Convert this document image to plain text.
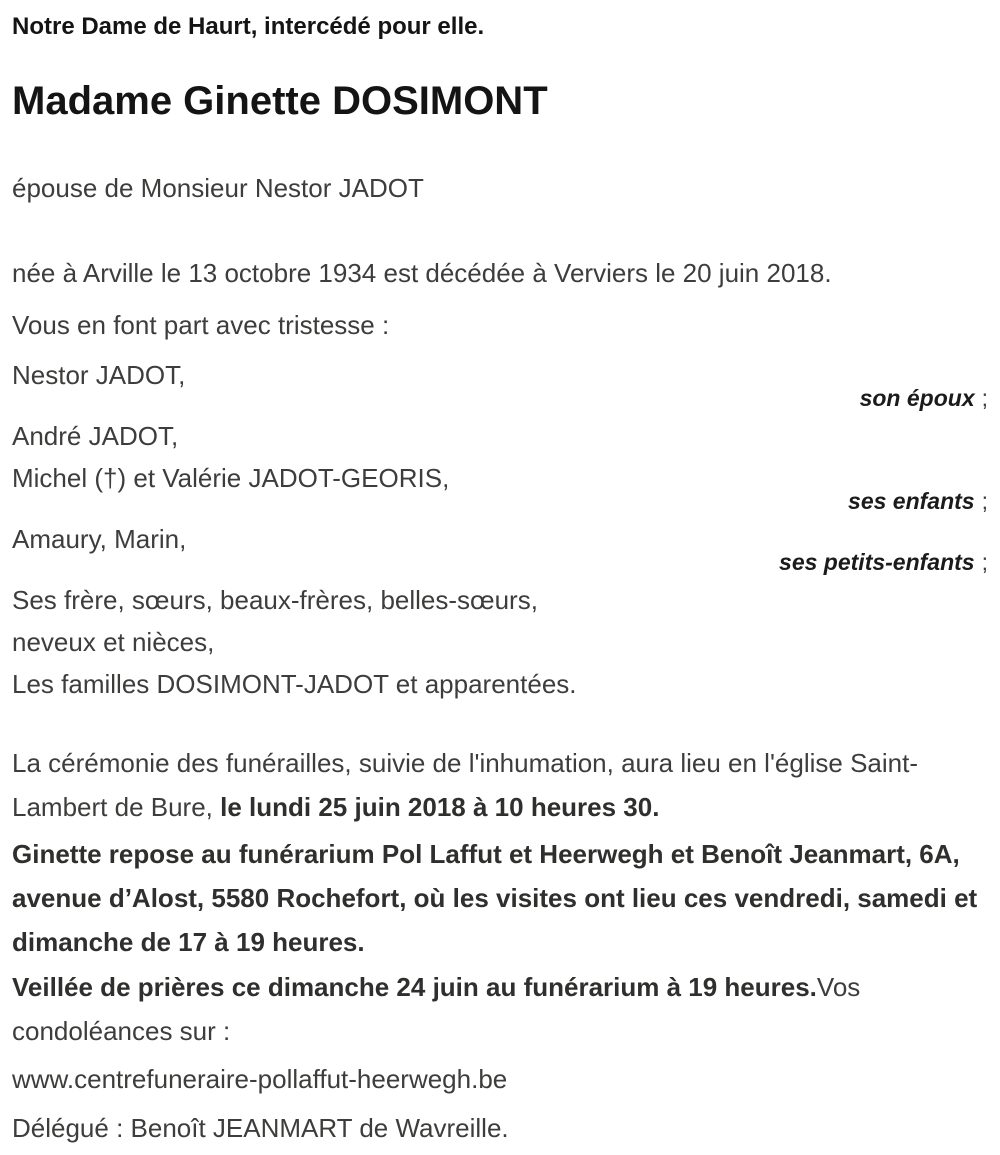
Notre Dame de Haurt, intercédé pour elle.

Madame Ginette DOSIMONT

épouse de Monsieur Nestor JADOT

née à Arville le 13 octobre 1934 est décédée à Verviers le 20 juin 2018.

Vous en font part avec tristesse :

Nestor JADOT,

son époux ;

André JADOT,

Michel (†) et Valérie JADOT-GEORIS,

ses enfants ;

Amaury, Marin,

ses petits-enfants ;

Ses frère, sœurs, beaux-frères, belles-sœurs,

neveux et nièces,

Les familles DOSIMONT-JADOT et apparentées.

La cérémonie des funérailles, suivie de l'inhumation, aura lieu en l'église Saint-Lambert de Bure, le lundi 25 juin 2018 à 10 heures 30.

Ginette repose au funérarium Pol Laffut et Heerwegh et Benoît Jeanmart, 6A, avenue d’Alost, 5580 Rochefort, où les visites ont lieu ces vendredi, samedi et dimanche de 17 à 19 heures.

Veillée de prières ce dimanche 24 juin au funérarium à 19 heures.Vos condoléances sur :

www.centrefuneraire-pollaffut-heerwegh.be

Délégué : Benoît JEANMART de Wavreille.
